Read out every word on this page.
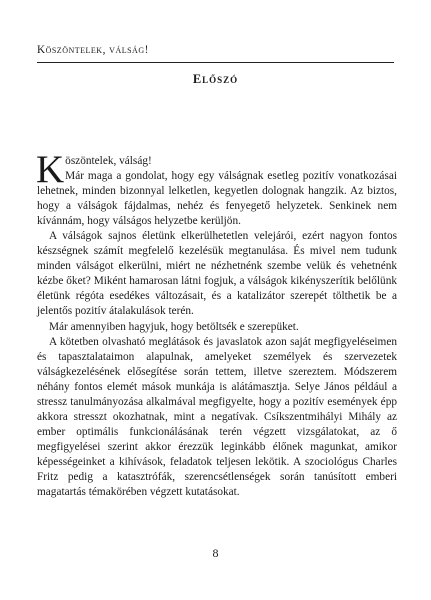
Köszöntelek, válság!
Előszó

Köszöntelek, válság!
Már maga a gondolat, hogy egy válságnak esetleg pozitív vonatkozásai lehetnek, minden bizonnyal lelketlen, kegyetlen dolognak hangzik. Az biztos, hogy a válságok fájdalmas, nehéz és fenyegető helyzetek. Senkinek nem kívánnám, hogy válságos helyzetbe kerüljön.

A válságok sajnos életünk elkerülhetetlen velejárói, ezért nagyon fontos készségnek számít megfelelő kezelésük megtanulása. És mivel nem tudunk minden válságot elkerülni, miért ne nézhetnénk szembe velük és vehetnénk kézbe őket? Miként hamarosan látni fogjuk, a válságok kikényszerítik belőlünk életünk régóta esedékes változásait, és a katalizátor szerepét tölthetik be a jelentős pozitív átalakulások terén.

Már amennyiben hagyjuk, hogy betöltsék e szerepüket.

A kötetben olvasható meglátások és javaslatok azon saját megfigyeléseimen és tapasztalataimon alapulnak, amelyeket személyek és szervezetek válságkezelésének elősegítése során tettem, illetve szereztem. Módszerem néhány fontos elemét mások munkája is alátámasztja. Selye János például a stressz tanulmányozása alkalmával megfigyelte, hogy a pozitív események épp akkora stresszt okozhatnak, mint a negatívak. Csíkszentmihályi Mihály az ember optimális funkcionálásának terén végzett vizsgálatokat, az ő megfigyelései szerint akkor érezzük leginkább élőnek magunkat, amikor képességeinket a kihívások, feladatok teljesen lekötik. A szociológus Charles Fritz pedig a katasztrófák, szerencsétlenségek során tanúsított emberi magatartás témakörében végzett kutatásokat.

8
